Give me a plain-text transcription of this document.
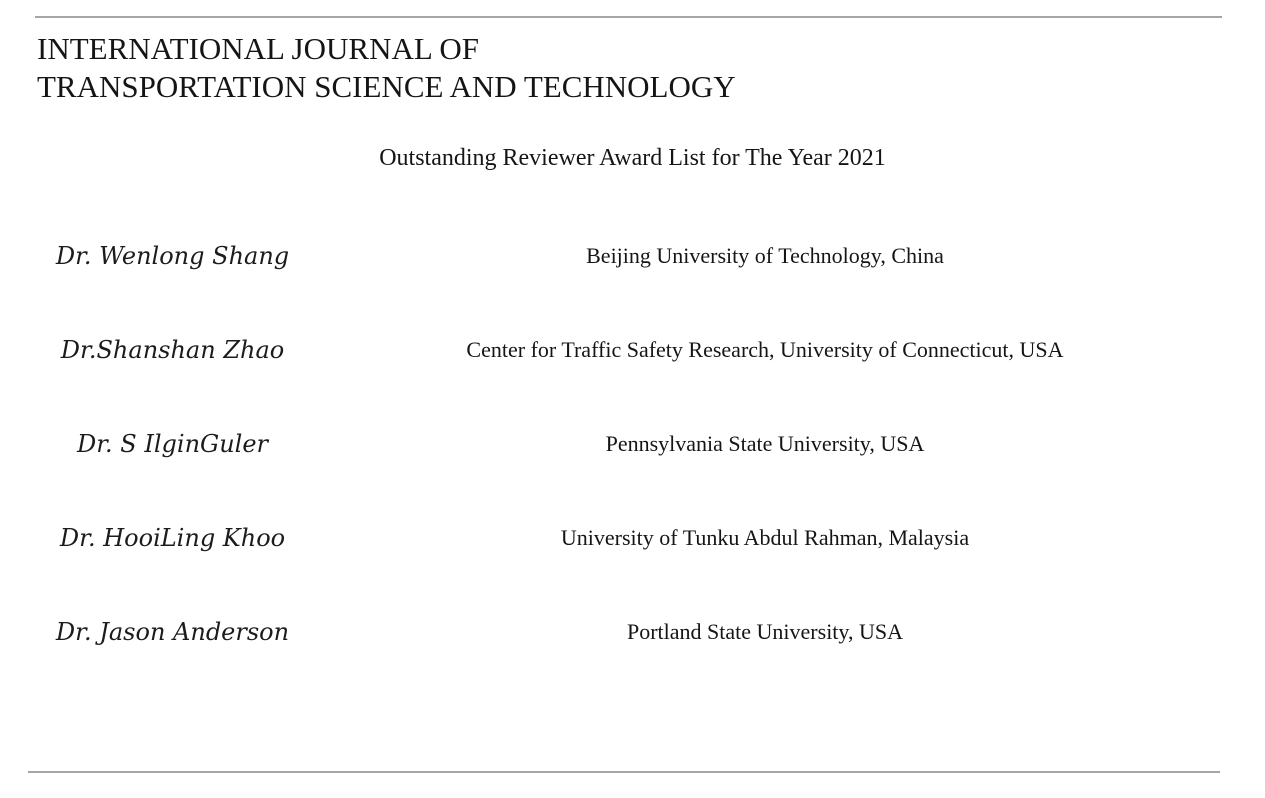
INTERNATIONAL JOURNAL OF
TRANSPORTATION SCIENCE AND TECHNOLOGY
Outstanding Reviewer Award List for The Year 2021
Dr. Wenlong Shang	Beijing University of Technology, China
Dr.Shanshan Zhao	Center for Traffic Safety Research, University of Connecticut, USA
Dr. S IlginGuler	Pennsylvania State University, USA
Dr. HooiLing Khoo	University of Tunku Abdul Rahman, Malaysia
Dr. Jason Anderson	Portland State University, USA
